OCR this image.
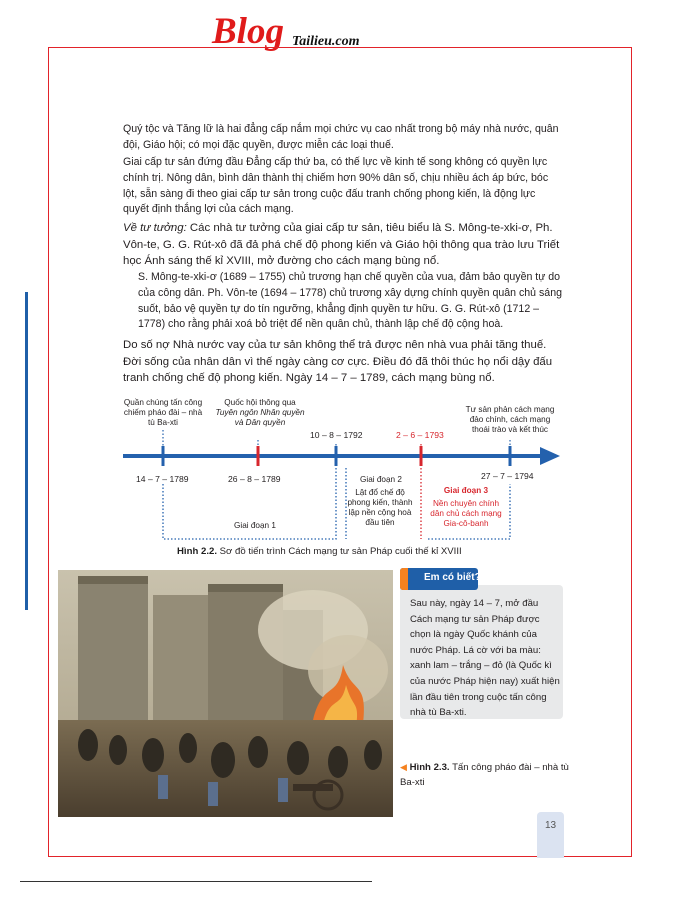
Blog Tailieu.com

Quý tộc và Tăng lữ là hai đẳng cấp nắm mọi chức vụ cao nhất trong bộ máy nhà nước, quân đội, Giáo hội; có mọi đặc quyền, được miễn các loại thuế.

Giai cấp tư sản đứng đầu Đẳng cấp thứ ba, có thế lực về kinh tế song không có quyền lực chính trị. Nông dân, bình dân thành thị chiếm hơn 90% dân số, chịu nhiều ách áp bức, bóc lột, sẵn sàng đi theo giai cấp tư sản trong cuộc đấu tranh chống phong kiến, là động lực quyết định thắng lợi của cách mạng.

Về tư tưởng: Các nhà tư tưởng của giai cấp tư sản, tiêu biểu là S. Mông-te-xki-ơ, Ph. Vôn-te, G. G. Rút-xô đã đả phá chế độ phong kiến và Giáo hội thông qua trào lưu Triết học Ánh sáng thế kỉ XVIII, mở đường cho cách mạng bùng nổ.

S. Mông-te-xki-ơ (1689 – 1755) chủ trương hạn chế quyền của vua, đảm bảo quyền tự do của công dân. Ph. Vôn-te (1694 – 1778) chủ trương xây dựng chính quyền quân chủ sáng suốt, bảo vệ quyền tự do tín ngưỡng, khẳng định quyền tư hữu. G. G. Rút-xô (1712 – 1778) cho rằng phải xoá bỏ triệt để nền quân chủ, thành lập chế độ cộng hoà.

Do số nợ Nhà nước vay của tư sản không thể trả được nên nhà vua phải tăng thuế. Đời sống của nhân dân vì thế ngày càng cơ cực. Điều đó đã thôi thúc họ nổi dậy đấu tranh chống chế độ phong kiến. Ngày 14 – 7 – 1789, cách mạng bùng nổ.

Quần chúng tấn công chiếm pháo đài – nhà tù Ba-xti
Quốc hội thông qua
Tuyên ngôn Nhân quyền và Dân quyền
10 – 8 – 1792	2 – 6 – 1793
Tư sản phản cách mạng đảo chính, cách mạng thoái trào và kết thúc
14 – 7 – 1789	26 – 8 – 1789	27 – 7 – 1794
Giai đoạn 1
Giai đoạn 2
Lật đổ chế độ phong kiến, thành lập nền cộng hoà đầu tiên
Giai đoạn 3
Nền chuyên chính dân chủ cách mạng Gia-cô-banh
Hình 2.2. Sơ đồ tiến trình Cách mạng tư sản Pháp cuối thế kỉ XVIII
Em có biết?
Sau này, ngày 14 – 7, mở đầu Cách mạng tư sản Pháp được chọn là ngày Quốc khánh của nước Pháp. Lá cờ với ba màu: xanh lam – trắng – đỏ (là Quốc kì của nước Pháp hiện nay) xuất hiện lần đầu tiên trong cuộc tấn công nhà tù Ba-xti.
◀ Hình 2.3. Tấn công pháo đài – nhà tù Ba-xti
13
